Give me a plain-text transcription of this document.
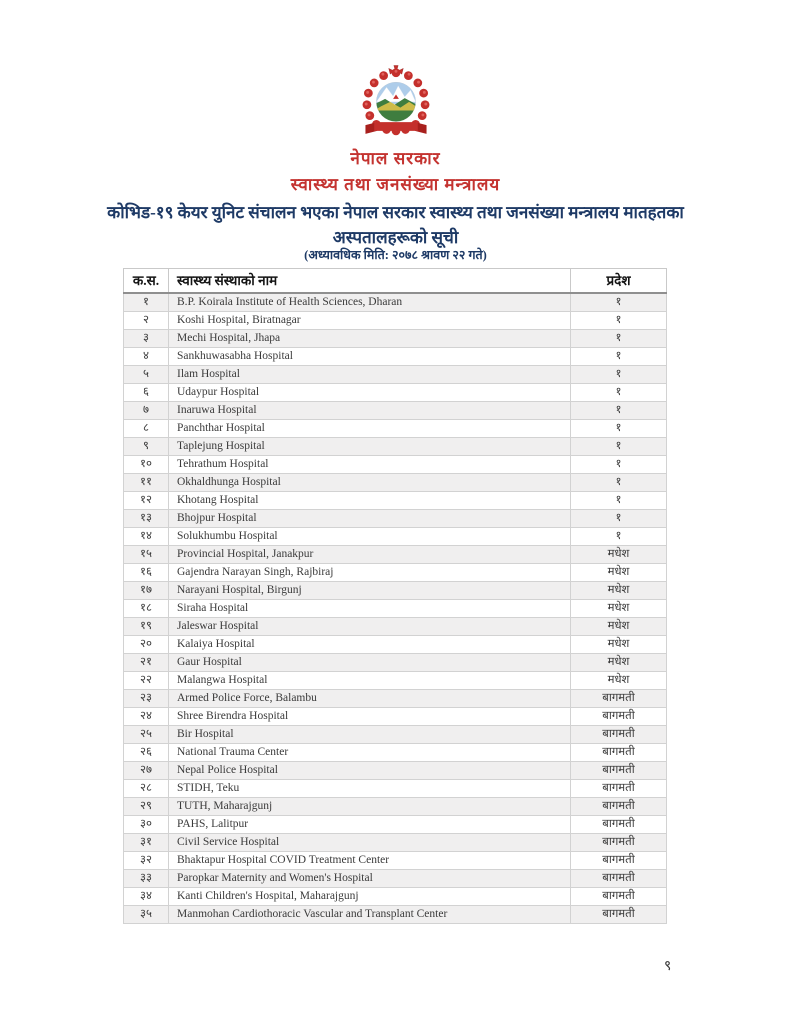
नेपाल सरकार
स्वास्थ्य तथा जनसंख्या मन्त्रालय
कोभिड-१९ केयर युनिट संचालन भएका नेपाल सरकार स्वास्थ्य तथा जनसंख्या मन्त्रालय मातहतका
अस्पतालहरूको सूची
(अध्यावधिक मिति: २०७८ श्रावण २२ गते)
क.स.	स्वास्थ्य संस्थाको नाम	प्रदेश
१	B.P. Koirala Institute of Health Sciences, Dharan	१
२	Koshi Hospital, Biratnagar	१
३	Mechi Hospital, Jhapa	१
४	Sankhuwasabha Hospital	१
५	Ilam Hospital	१
६	Udaypur Hospital	१
७	Inaruwa Hospital	१
८	Panchthar Hospital	१
९	Taplejung Hospital	१
१०	Tehrathum Hospital	१
११	Okhaldhunga Hospital	१
१२	Khotang Hospital	१
१३	Bhojpur Hospital	१
१४	Solukhumbu Hospital	१
१५	Provincial Hospital, Janakpur	मधेश
१६	Gajendra Narayan Singh, Rajbiraj	मधेश
१७	Narayani Hospital, Birgunj	मधेश
१८	Siraha Hospital	मधेश
१९	Jaleswar Hospital	मधेश
२०	Kalaiya Hospital	मधेश
२१	Gaur Hospital	मधेश
२२	Malangwa Hospital	मधेश
२३	Armed Police Force, Balambu	बागमती
२४	Shree Birendra Hospital	बागमती
२५	Bir Hospital	बागमती
२६	National Trauma Center	बागमती
२७	Nepal Police Hospital	बागमती
२८	STIDH, Teku	बागमती
२९	TUTH, Maharajgunj	बागमती
३०	PAHS, Lalitpur	बागमती
३१	Civil Service Hospital	बागमती
३२	Bhaktapur Hospital COVID Treatment Center	बागमती
३३	Paropkar Maternity and Women's Hospital	बागमती
३४	Kanti Children's Hospital, Maharajgunj	बागमती
३५	Manmohan Cardiothoracic Vascular and Transplant Center	बागमती
९
